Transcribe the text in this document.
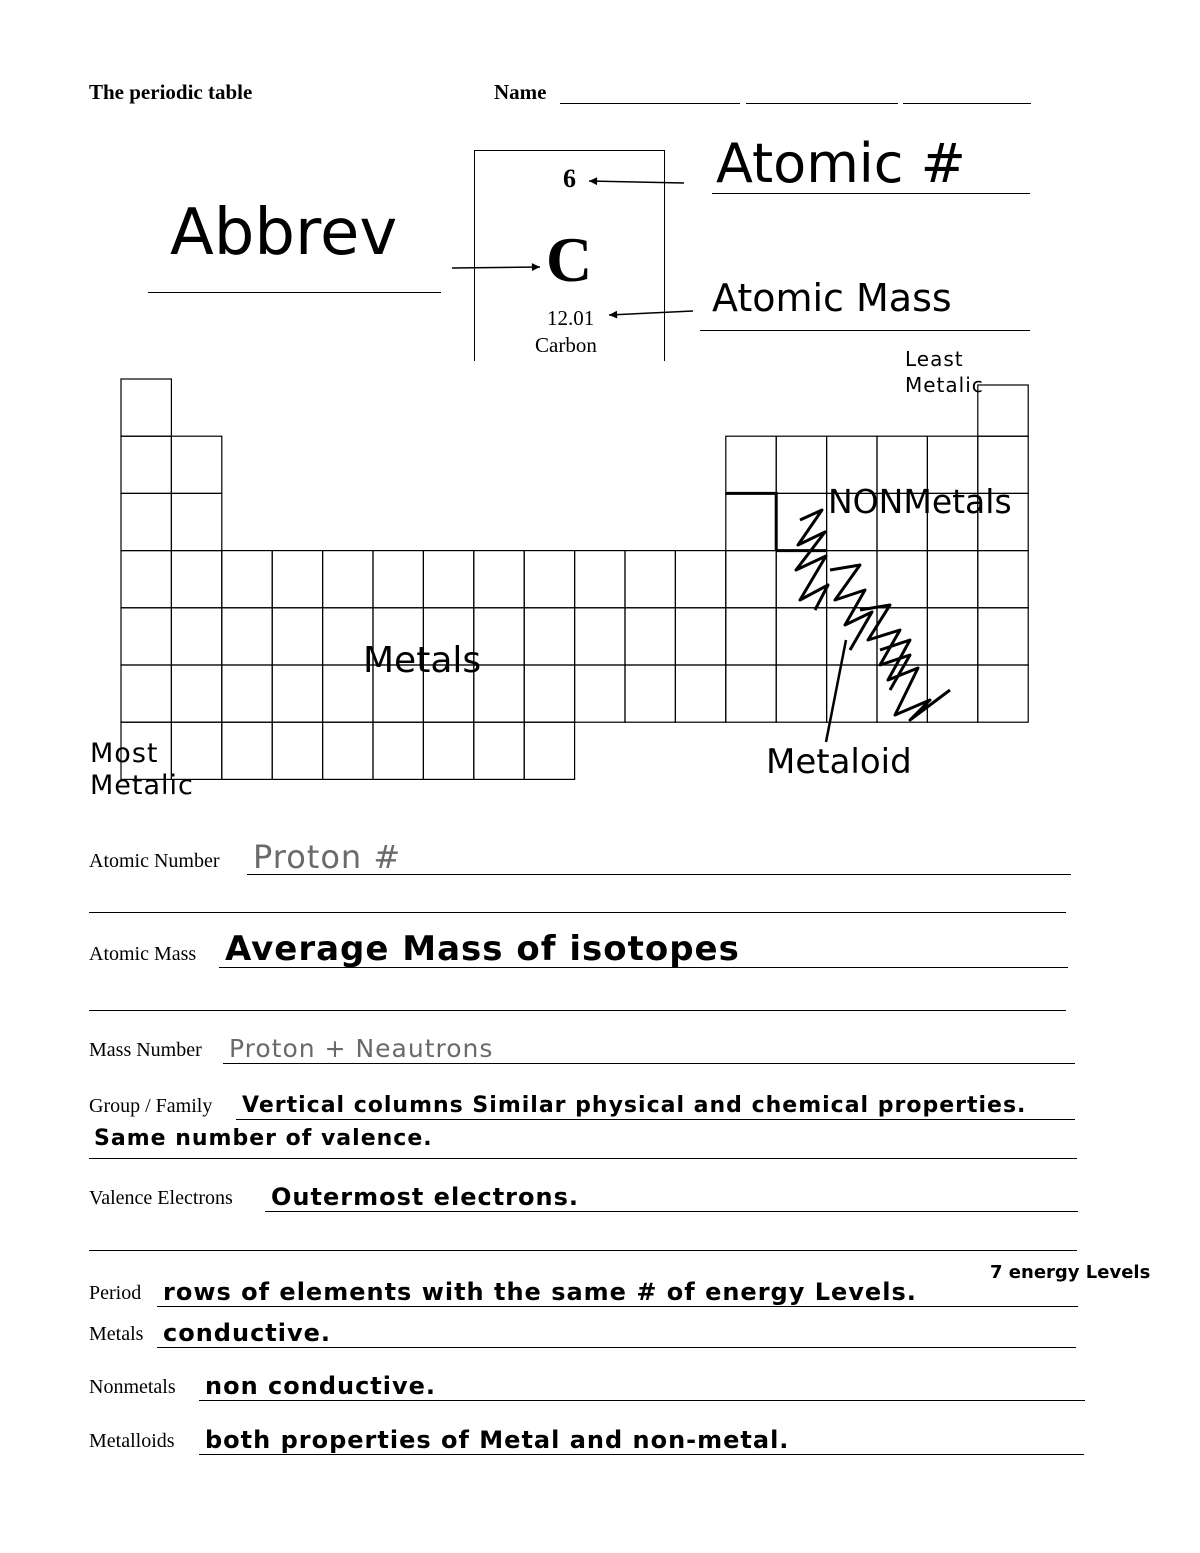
The periodic table	Name
6
C
12.01
Carbon
Abbrev
Atomic #
Atomic Mass
Least Metalic
NONMetals
Metals
Metaloid
Most Metalic
Atomic Number Proton #
Atomic Mass Average Mass of isotopes
Mass Number Proton + Neautrons
Group / Family Vertical columns Similar physical and chemical properties.
Same number of valence.
Valence Electrons Outermost electrons.
Period rows of elements with the same # of energy Levels.
7 energy Levels
Metals conductive.
Nonmetals non conductive.
Metalloids both properties of Metal and non-metal.
